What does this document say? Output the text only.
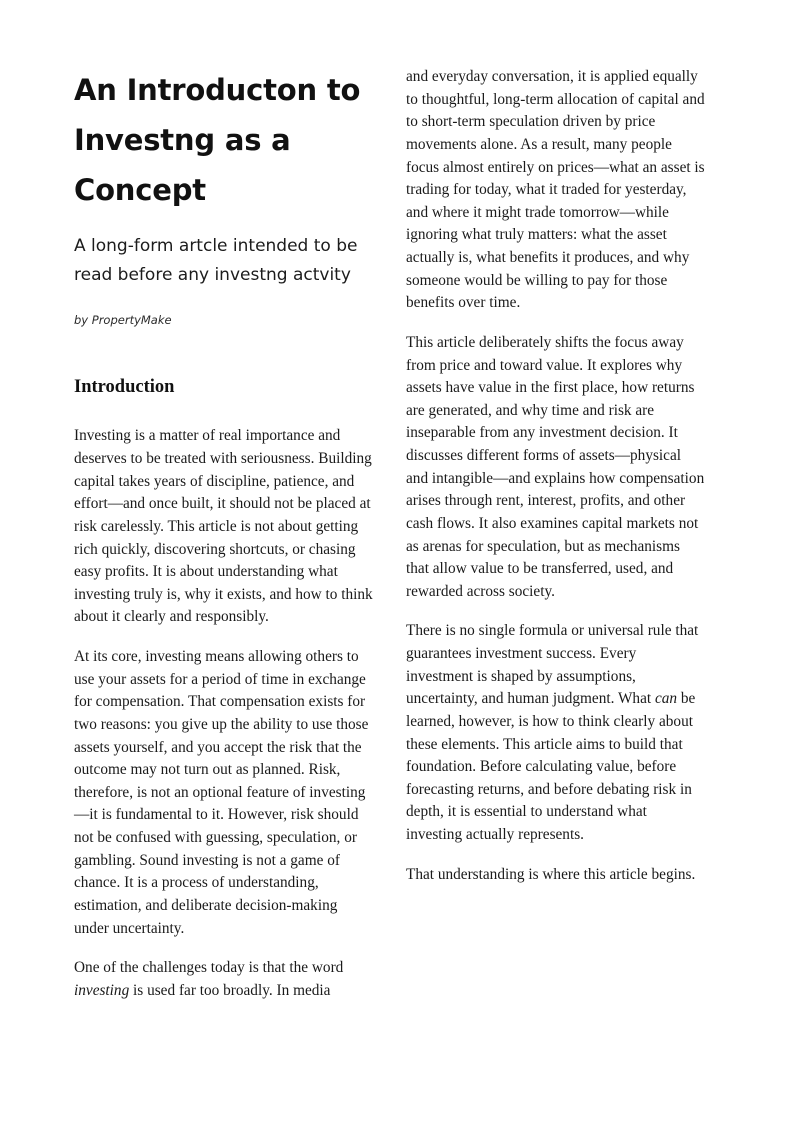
An Introducton to Investng as a Concept
A long-form artcle intended to be read before any investng actvity
by PropertyMake
Introduction

Investing is a matter of real importance and deserves to be treated with seriousness. Building capital takes years of discipline, patience, and effort—and once built, it should not be placed at risk carelessly. This article is not about getting rich quickly, discovering shortcuts, or chasing easy profits. It is about understanding what investing truly is, why it exists, and how to think about it clearly and responsibly.

At its core, investing means allowing others to use your assets for a period of time in exchange for compensation. That compensation exists for two reasons: you give up the ability to use those assets yourself, and you accept the risk that the outcome may not turn out as planned. Risk, therefore, is not an optional feature of investing—it is fundamental to it. However, risk should not be confused with guessing, speculation, or gambling. Sound investing is not a game of chance. It is a process of understanding, estimation, and deliberate decision-making under uncertainty.

One of the challenges today is that the word investing is used far too broadly. In media

and everyday conversation, it is applied equally to thoughtful, long-term allocation of capital and to short-term speculation driven by price movements alone. As a result, many people focus almost entirely on prices—what an asset is trading for today, what it traded for yesterday, and where it might trade tomorrow—while ignoring what truly matters: what the asset actually is, what benefits it produces, and why someone would be willing to pay for those benefits over time.

This article deliberately shifts the focus away from price and toward value. It explores why assets have value in the first place, how returns are generated, and why time and risk are inseparable from any investment decision. It discusses different forms of assets—physical and intangible—and explains how compensation arises through rent, interest, profits, and other cash flows. It also examines capital markets not as arenas for speculation, but as mechanisms that allow value to be transferred, used, and rewarded across society.

There is no single formula or universal rule that guarantees investment success. Every investment is shaped by assumptions, uncertainty, and human judgment. What can be learned, however, is how to think clearly about these elements. This article aims to build that foundation. Before calculating value, before forecasting returns, and before debating risk in depth, it is essential to understand what investing actually represents.

That understanding is where this article begins.
